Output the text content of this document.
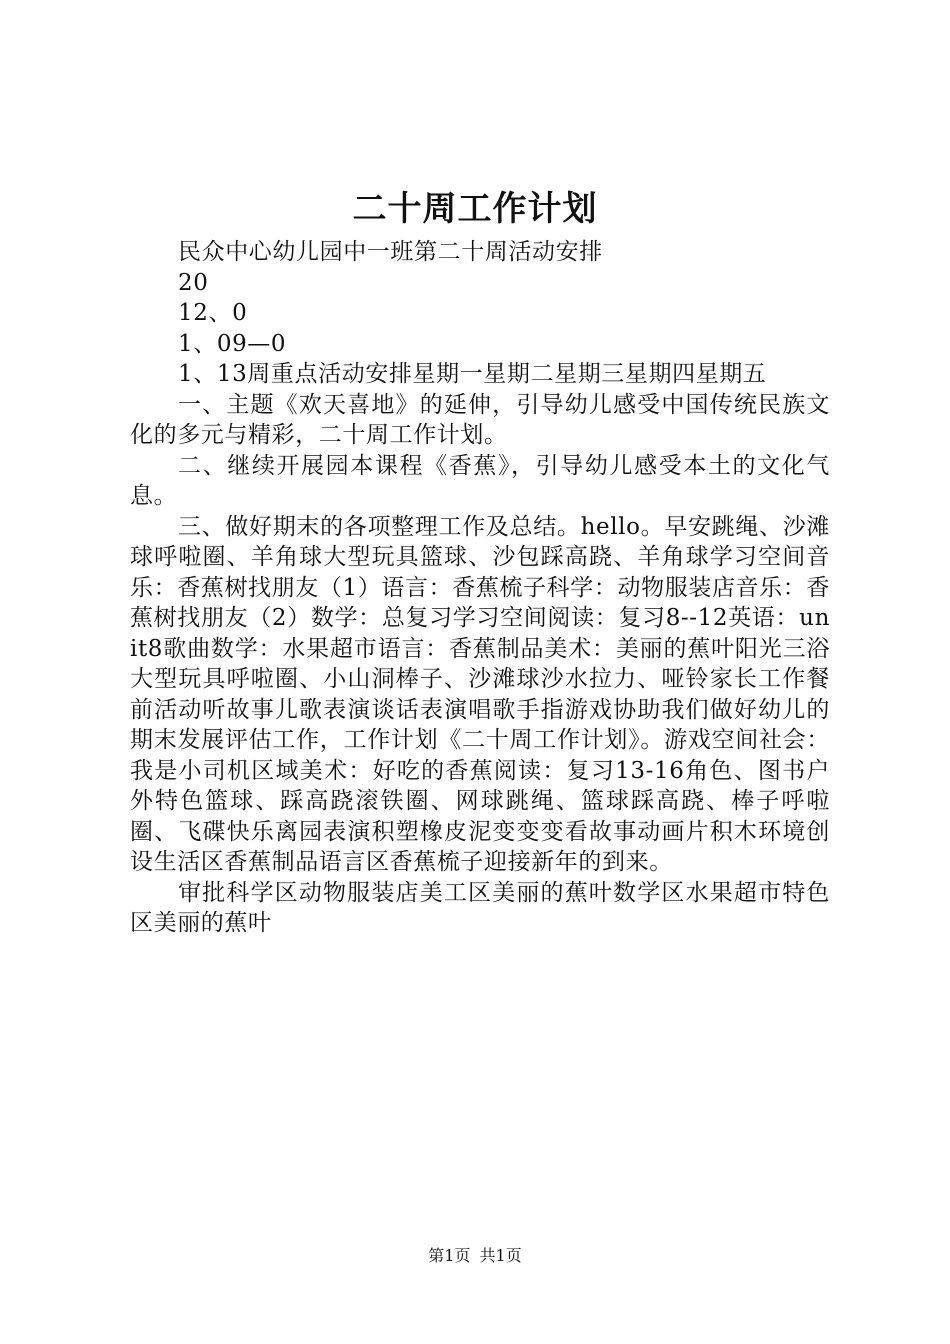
二十周工作计划

民众中心幼儿园中一班第二十周活动安排

20

12、0

1、09—0

1、13周重点活动安排星期一星期二星期三星期四星期五

一、主题《欢天喜地》的延伸，引导幼儿感受中国传统民族文化的多元与精彩，二十周工作计划。

二、继续开展园本课程《香蕉》，引导幼儿感受本土的文化气息。

三、做好期末的各项整理工作及总结。hello。早安跳绳、沙滩球呼啦圈、羊角球大型玩具篮球、沙包踩高跷、羊角球学习空间音乐：香蕉树找朋友（1）语言：香蕉梳子科学：动物服装店音乐：香蕉树找朋友（2）数学：总复习学习空间阅读：复习8--12英语：unit8歌曲数学：水果超市语言：香蕉制品美术：美丽的蕉叶阳光三浴大型玩具呼啦圈、小山洞棒子、沙滩球沙水拉力、哑铃家长工作餐前活动听故事儿歌表演谈话表演唱歌手指游戏协助我们做好幼儿的期末发展评估工作，工作计划《二十周工作计划》。游戏空间社会：我是小司机区域美术：好吃的香蕉阅读：复习13-16角色、图书户外特色篮球、踩高跷滚铁圈、网球跳绳、篮球踩高跷、棒子呼啦圈、飞碟快乐离园表演积塑橡皮泥变变变看故事动画片积木环境创设生活区香蕉制品语言区香蕉梳子迎接新年的到来。

审批科学区动物服装店美工区美丽的蕉叶数学区水果超市特色区美丽的蕉叶

第1页 共1页
